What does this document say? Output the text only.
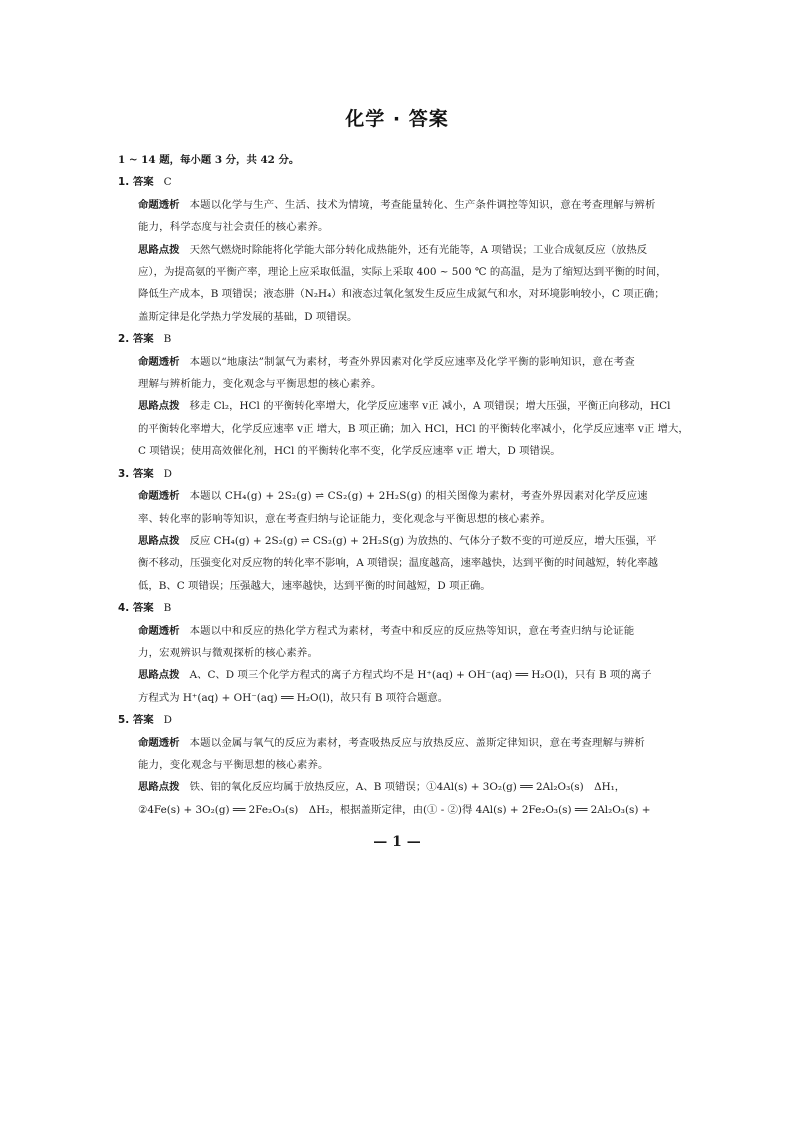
化学 · 答案
1 ~ 14 题，每小题 3 分，共 42 分。
1. 答案 C
命题透析 本题以化学与生产、生活、技术为情境，考查能量转化、生产条件调控等知识，意在考查理解与辨析
能力，科学态度与社会责任的核心素养。
思路点拨 天然气燃烧时除能将化学能大部分转化成热能外，还有光能等，A 项错误；工业合成氨反应（放热反
应），为提高氨的平衡产率，理论上应采取低温，实际上采取 400 ~ 500 ℃ 的高温，是为了缩短达到平衡的时间，
降低生产成本，B 项错误；液态肼（N₂H₄）和液态过氧化氢发生反应生成氮气和水，对环境影响较小，C 项正确；
盖斯定律是化学热力学发展的基础，D 项错误。
2. 答案 B
命题透析 本题以“地康法”制氯气为素材，考查外界因素对化学反应速率及化学平衡的影响知识，意在考查
理解与辨析能力，变化观念与平衡思想的核心素养。
思路点拨 移走 Cl₂，HCl 的平衡转化率增大，化学反应速率 v正 减小，A 项错误；增大压强，平衡正向移动，HCl
的平衡转化率增大，化学反应速率 v正 增大，B 项正确；加入 HCl，HCl 的平衡转化率减小，化学反应速率 v正 增大，
C 项错误；使用高效催化剂，HCl 的平衡转化率不变，化学反应速率 v正 增大，D 项错误。
3. 答案 D
命题透析 本题以 CH₄(g) + 2S₂(g) ⇌ CS₂(g) + 2H₂S(g) 的相关图像为素材，考查外界因素对化学反应速
率、转化率的影响等知识，意在考查归纳与论证能力，变化观念与平衡思想的核心素养。
思路点拨 反应 CH₄(g) + 2S₂(g) ⇌ CS₂(g) + 2H₂S(g) 为放热的、气体分子数不变的可逆反应，增大压强，平
衡不移动，压强变化对反应物的转化率不影响，A 项错误；温度越高，速率越快，达到平衡的时间越短，转化率越
低，B、C 项错误；压强越大，速率越快，达到平衡的时间越短，D 项正确。
4. 答案 B
命题透析 本题以中和反应的热化学方程式为素材，考查中和反应的反应热等知识，意在考查归纳与论证能
力，宏观辨识与微观探析的核心素养。
思路点拨 A、C、D 项三个化学方程式的离子方程式均不是 H⁺(aq) + OH⁻(aq) ══ H₂O(l)，只有 B 项的离子
方程式为 H⁺(aq) + OH⁻(aq) ══ H₂O(l)，故只有 B 项符合题意。
5. 答案 D
命题透析 本题以金属与氧气的反应为素材，考查吸热反应与放热反应、盖斯定律知识，意在考查理解与辨析
能力，变化观念与平衡思想的核心素养。
思路点拨 铁、铝的氧化反应均属于放热反应，A、B 项错误；①4Al(s) + 3O₂(g) ══ 2Al₂O₃(s)　ΔH₁，
②4Fe(s) + 3O₂(g) ══ 2Fe₂O₃(s)　ΔH₂，根据盖斯定律，由(① - ②)得 4Al(s) + 2Fe₂O₃(s) ══ 2Al₂O₃(s) +
— 1 —
